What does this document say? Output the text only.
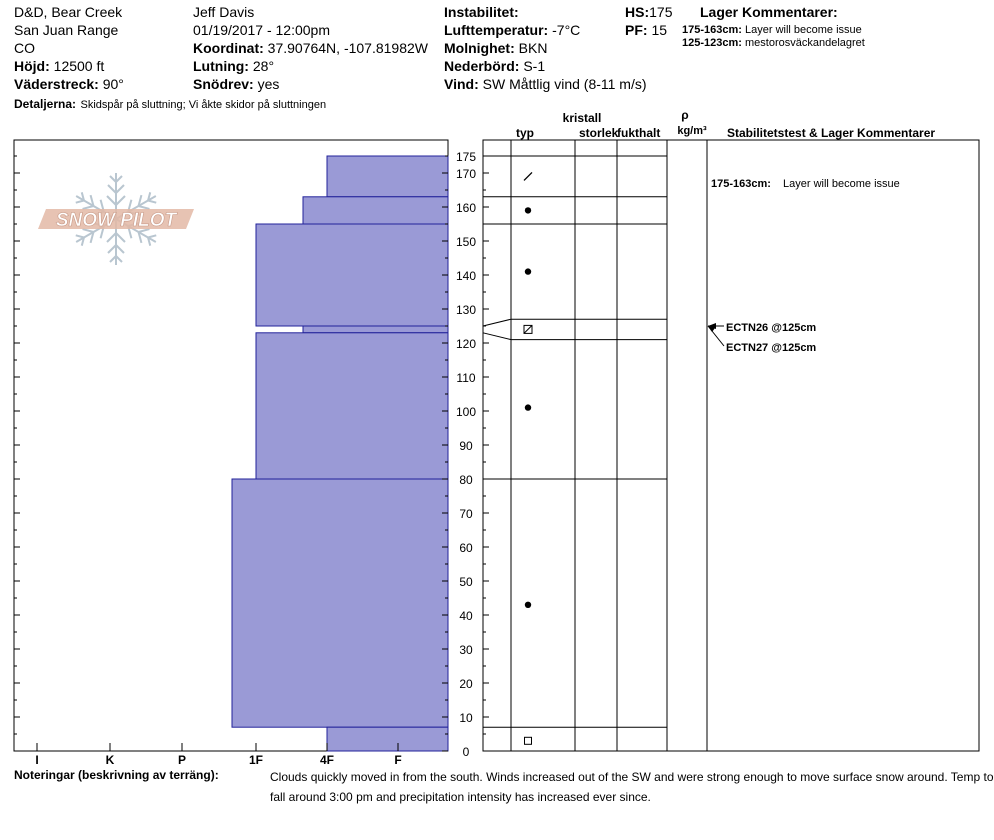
D&D, Bear Creek
San Juan Range
CO
Höjd: 12500 ft
Väderstreck: 90°
Detaljerna: Skidspår på sluttning; Vi åkte skidor på sluttningen
Jeff Davis
01/19/2017 - 12:00pm
Koordinat: 37.90764N, -107.81982W
Lutning: 28°
Snödrev: yes
Instabilitet:
Lufttemperatur: -7°C
Molnighet: BKN
Nederbörd: S-1
Vind: SW Måttlig vind (8-11 m/s)
HS:175
PF: 15
Lager Kommentarer:
175-163cm: Layer will become issue
125-123cm: mestorosväckandelagret
kristall
typ	storlek
fukthalt
ρ
kg/m³ Stabilitetstest & Lager Kommentarer
SNOW PILOT
0
10
20
30
40
50
60
70
80
90
100
110
120
130
140
150
160
170
175
I	K	P	1F	4F	F
175-163cm: Layer will become issue
ECTN26 @125cm
ECTN27 @125cm
Noteringar (beskrivning av terräng):	Clouds quickly moved in from the south. Winds increased out of the SW and were strong enough to move surface snow around. Temp to fall around 3:00 pm and precipitation intensity has increased ever since.
